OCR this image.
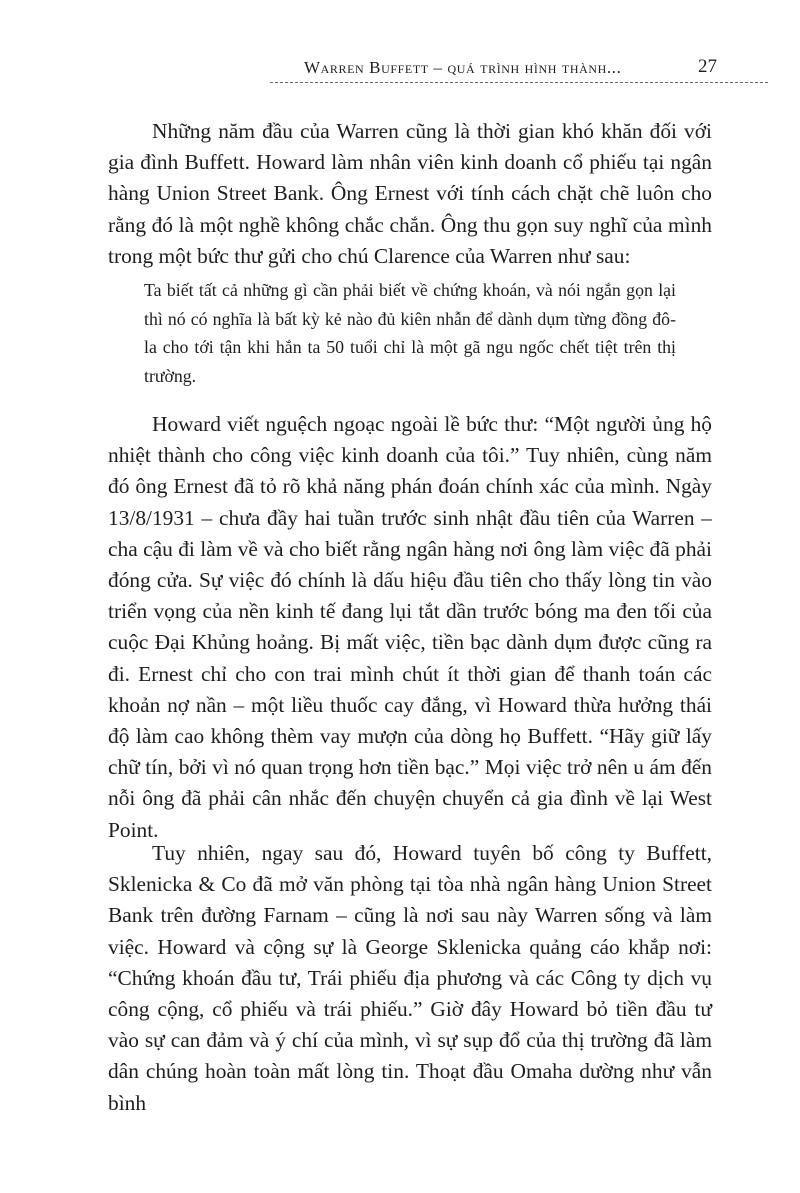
Warren Buffett – quá trình hình thành...	27

Những năm đầu của Warren cũng là thời gian khó khăn đối với gia đình Buffett. Howard làm nhân viên kinh doanh cổ phiếu tại ngân hàng Union Street Bank. Ông Ernest với tính cách chặt chẽ luôn cho rằng đó là một nghề không chắc chắn. Ông thu gọn suy nghĩ của mình trong một bức thư gửi cho chú Clarence của Warren như sau:

Ta biết tất cả những gì cần phải biết về chứng khoán, và nói ngắn gọn lại thì nó có nghĩa là bất kỳ kẻ nào đủ kiên nhẫn để dành dụm từng đồng đô-la cho tới tận khi hắn ta 50 tuổi chỉ là một gã ngu ngốc chết tiệt trên thị trường.

Howard viết nguệch ngoạc ngoài lề bức thư: “Một người ủng hộ nhiệt thành cho công việc kinh doanh của tôi.” Tuy nhiên, cùng năm đó ông Ernest đã tỏ rõ khả năng phán đoán chính xác của mình. Ngày 13/8/1931 – chưa đầy hai tuần trước sinh nhật đầu tiên của Warren – cha cậu đi làm về và cho biết rằng ngân hàng nơi ông làm việc đã phải đóng cửa. Sự việc đó chính là dấu hiệu đầu tiên cho thấy lòng tin vào triển vọng của nền kinh tế đang lụi tắt dần trước bóng ma đen tối của cuộc Đại Khủng hoảng. Bị mất việc, tiền bạc dành dụm được cũng ra đi. Ernest chỉ cho con trai mình chút ít thời gian để thanh toán các khoản nợ nần – một liều thuốc cay đắng, vì Howard thừa hưởng thái độ làm cao không thèm vay mượn của dòng họ Buffett. “Hãy giữ lấy chữ tín, bởi vì nó quan trọng hơn tiền bạc.” Mọi việc trở nên u ám đến nỗi ông đã phải cân nhắc đến chuyện chuyển cả gia đình về lại West Point.

Tuy nhiên, ngay sau đó, Howard tuyên bố công ty Buffett, Sklenicka & Co đã mở văn phòng tại tòa nhà ngân hàng Union Street Bank trên đường Farnam – cũng là nơi sau này Warren sống và làm việc. Howard và cộng sự là George Sklenicka quảng cáo khắp nơi: “Chứng khoán đầu tư, Trái phiếu địa phương và các Công ty dịch vụ công cộng, cổ phiếu và trái phiếu.” Giờ đây Howard bỏ tiền đầu tư vào sự can đảm và ý chí của mình, vì sự sụp đổ của thị trường đã làm dân chúng hoàn toàn mất lòng tin. Thoạt đầu Omaha dường như vẫn bình
